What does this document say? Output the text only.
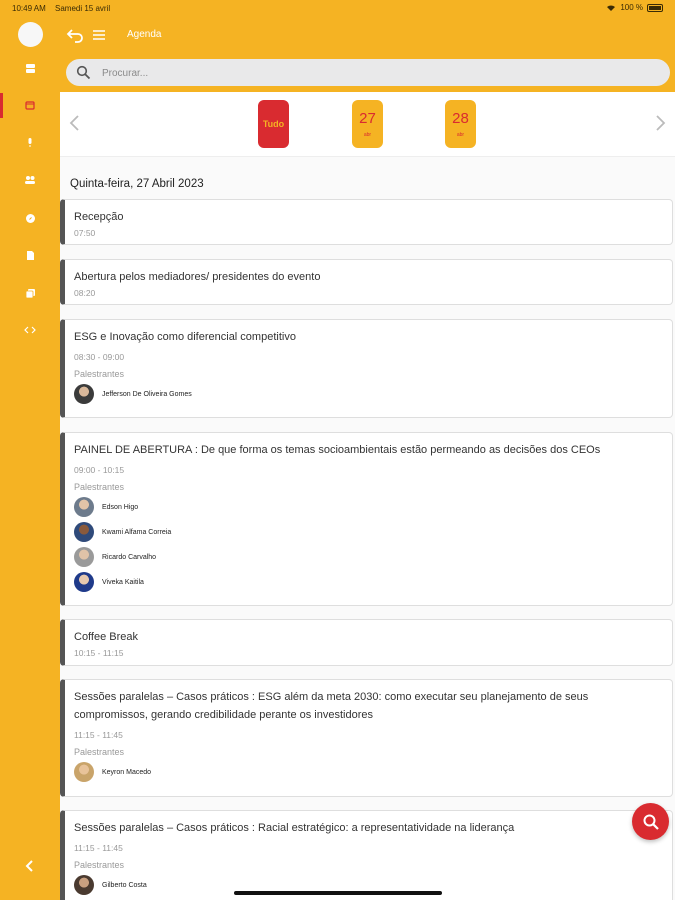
10:49 AM Samedi 15 avril	100 %
Agenda
Procurar...
Tudo	27
abr
28
abr
Quinta-feira, 27 Abril 2023
Recepção
07:50
Abertura pelos mediadores/ presidentes do evento
08:20
ESG e Inovação como diferencial competitivo
08:30 - 09:00
Palestrantes
Jefferson De Oliveira Gomes
PAINEL DE ABERTURA : De que forma os temas socioambientais estão permeando as decisões dos CEOs
09:00 - 10:15
Palestrantes
Edson Higo
Kwami Alfama Correia
Ricardo Carvalho
Viveka Kaitila
Coffee Break
10:15 - 11:15
Sessões paralelas – Casos práticos : ESG além da meta 2030: como executar seu planejamento de seus compromissos, gerando credibilidade perante os investidores
11:15 - 11:45
Palestrantes
Keyron Macedo
Sessões paralelas – Casos práticos : Racial estratégico: a representatividade na liderança
11:15 - 11:45
Palestrantes
Gilberto Costa
